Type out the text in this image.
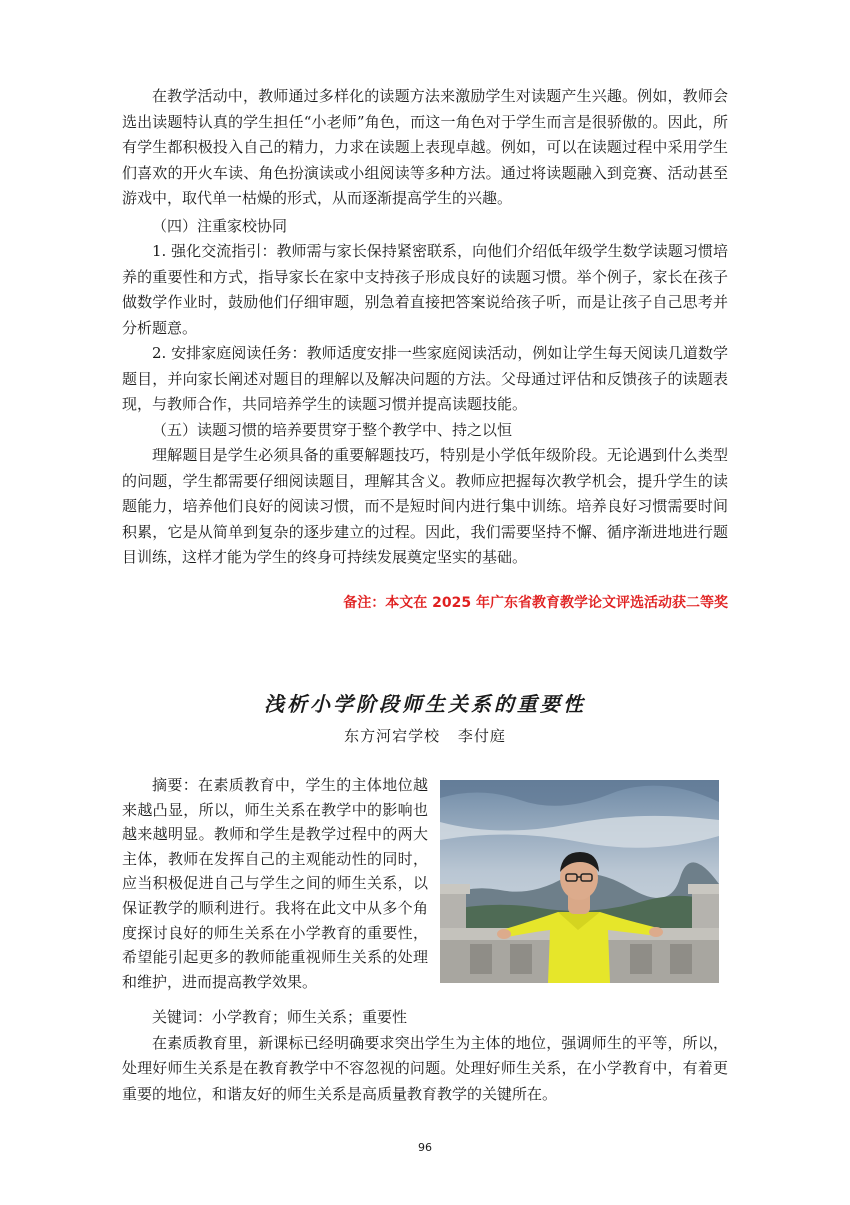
在教学活动中，教师通过多样化的读题方法来激励学生对读题产生兴趣。例如，教师会选出读题特认真的学生担任“小老师”角色，而这一角色对于学生而言是很骄傲的。因此，所有学生都积极投入自己的精力，力求在读题上表现卓越。例如，可以在读题过程中采用学生们喜欢的开火车读、角色扮演读或小组阅读等多种方法。通过将读题融入到竞赛、活动甚至游戏中，取代单一枯燥的形式，从而逐渐提高学生的兴趣。

（四）注重家校协同

1. 强化交流指引：教师需与家长保持紧密联系，向他们介绍低年级学生数学读题习惯培养的重要性和方式，指导家长在家中支持孩子形成良好的读题习惯。举个例子，家长在孩子做数学作业时，鼓励他们仔细审题，别急着直接把答案说给孩子听，而是让孩子自己思考并分析题意。

2. 安排家庭阅读任务：教师适度安排一些家庭阅读活动，例如让学生每天阅读几道数学题目，并向家长阐述对题目的理解以及解决问题的方法。父母通过评估和反馈孩子的读题表现，与教师合作，共同培养学生的读题习惯并提高读题技能。

（五）读题习惯的培养要贯穿于整个教学中、持之以恒

理解题目是学生必须具备的重要解题技巧，特别是小学低年级阶段。无论遇到什么类型的问题，学生都需要仔细阅读题目，理解其含义。教师应把握每次教学机会，提升学生的读题能力，培养他们良好的阅读习惯，而不是短时间内进行集中训练。培养良好习惯需要时间积累，它是从简单到复杂的逐步建立的过程。因此，我们需要坚持不懈、循序渐进地进行题目训练，这样才能为学生的终身可持续发展奠定坚实的基础。

备注：本文在 2025 年广东省教育教学论文评选活动获二等奖
浅析小学阶段师生关系的重要性
东方河宕学校 李付庭

摘要：在素质教育中，学生的主体地位越来越凸显，所以，师生关系在教学中的影响也越来越明显。教师和学生是教学过程中的两大主体，教师在发挥自己的主观能动性的同时，应当积极促进自己与学生之间的师生关系，以保证教学的顺利进行。我将在此文中从多个角度探讨良好的师生关系在小学教育的重要性，希望能引起更多的教师能重视师生关系的处理和维护，进而提高教学效果。

关键词：小学教育；师生关系；重要性

在素质教育里，新课标已经明确要求突出学生为主体的地位，强调师生的平等，所以，处理好师生关系是在教育教学中不容忽视的问题。处理好师生关系，在小学教育中，有着更重要的地位，和谐友好的师生关系是高质量教育教学的关键所在。

96
